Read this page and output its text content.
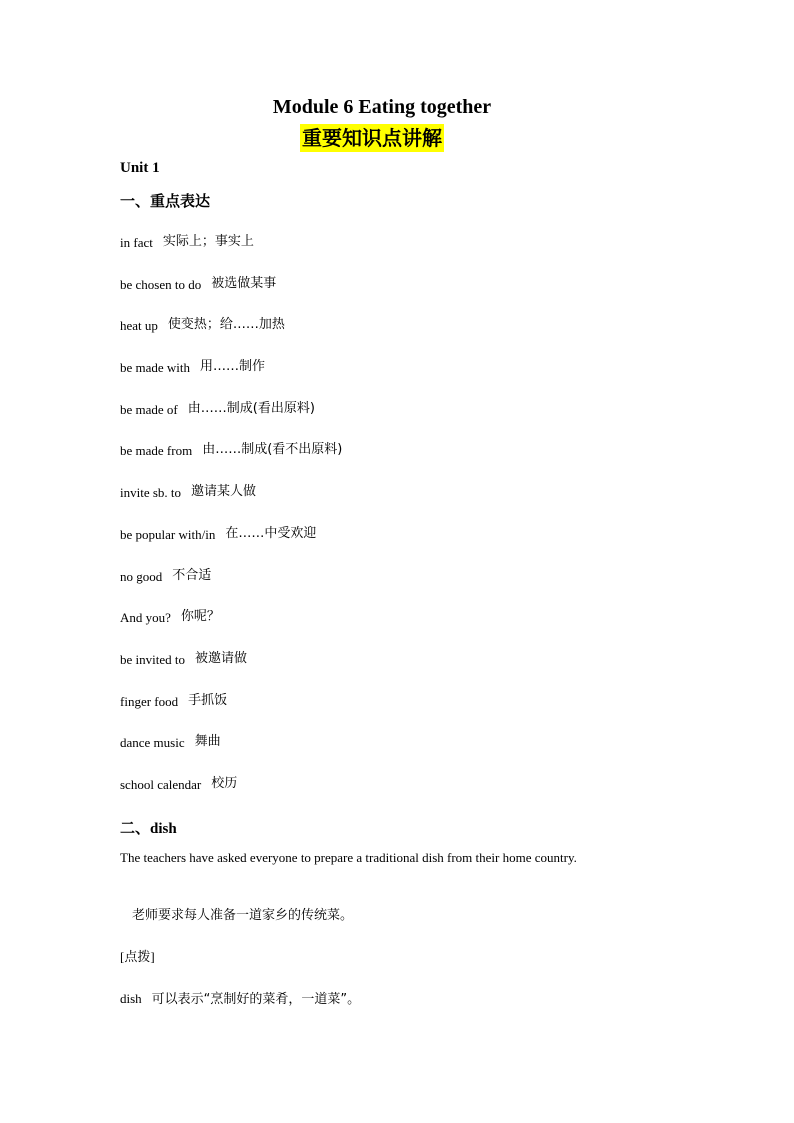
Module 6 Eating together
重要知识点讲解
Unit 1
一、重点表达
in fact 实际上；事实上
be chosen to do 被选做某事
heat up 使变热；给……加热
be made with 用……制作
be made of 由……制成(看出原料)
be made from 由……制成(看不出原料)
invite sb. to 邀请某人做
be popular with/in 在……中受欢迎
no good 不合适
And you? 你呢？
be invited to 被邀请做
finger food 手抓饭
dance music 舞曲
school calendar 校历
二、dish
The teachers have asked everyone to prepare a traditional dish from their home country.
老师要求每人准备一道家乡的传统菜。
[点拨]
dish 可以表示“烹制好的菜肴，一道菜”。
